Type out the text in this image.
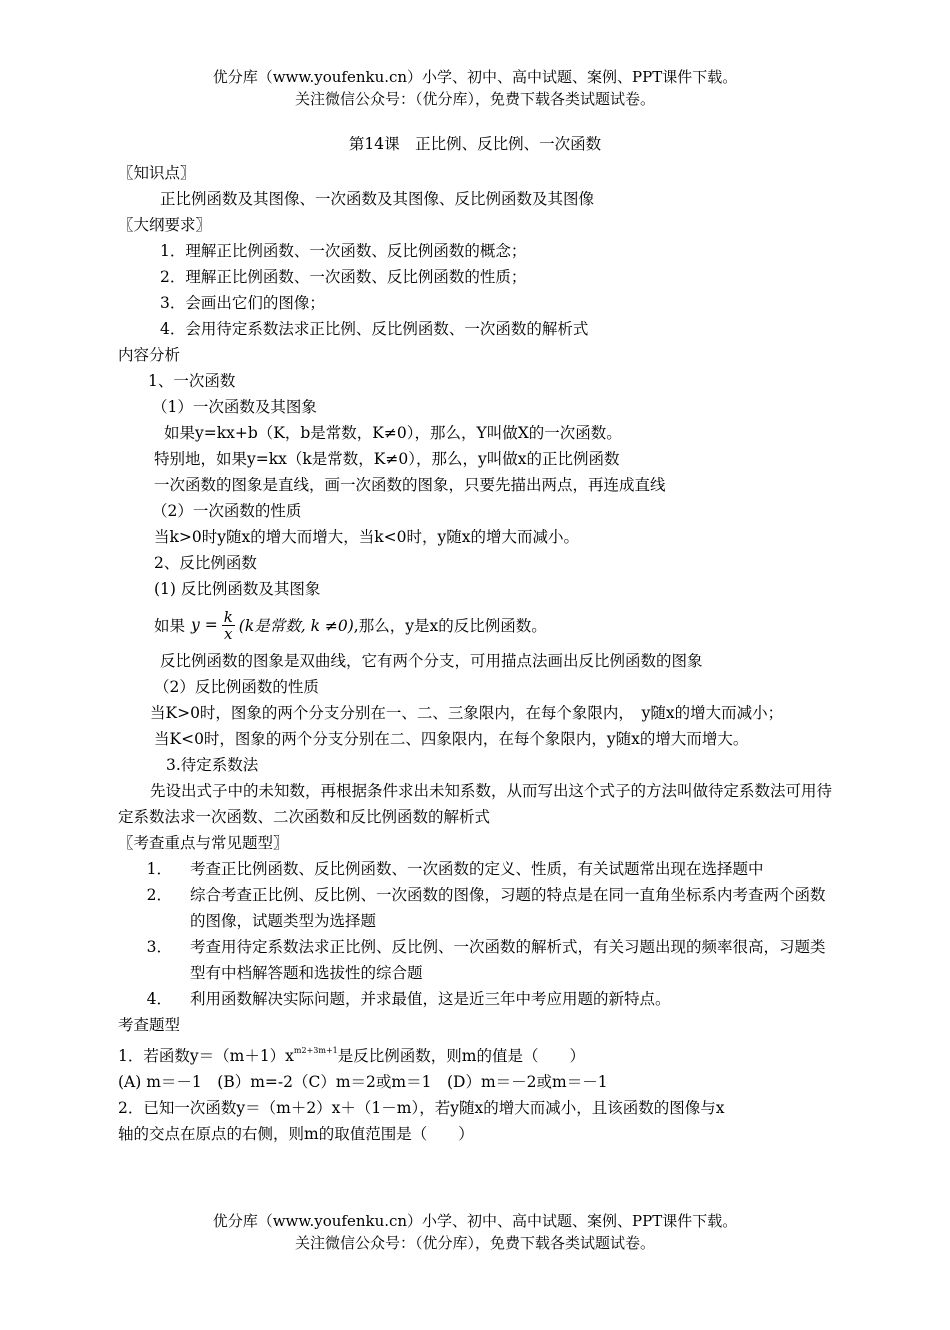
优分库（www.youfenku.cn）小学、初中、高中试题、案例、PPT课件下载。
关注微信公众号：（优分库），免费下载各类试题试卷。
第14课　正比例、反比例、一次函数
〖知识点〗
正比例函数及其图像、一次函数及其图像、反比例函数及其图像
〖大纲要求〗
1．理解正比例函数、一次函数、反比例函数的概念；
2．理解正比例函数、一次函数、反比例函数的性质；
3．会画出它们的图像；
4．会用待定系数法求正比例、反比例函数、一次函数的解析式
内容分析
1、一次函数
（1）一次函数及其图象
如果y=kx+b（K，b是常数，K≠0），那么，Y叫做X的一次函数。
特别地，如果y=kx（k是常数，K≠0），那么，y叫做x的正比例函数
一次函数的图象是直线，画一次函数的图象，只要先描出两点，再连成直线
（2）一次函数的性质
当k>0时y随x的增大而增大，当k<0时，y随x的增大而减小。
2、反比例函数
(1) 反比例函数及其图象
如果 $y = \frac{k}{x} (k$是常数, k ≠0) ,那么，y是x的反比例函数。
反比例函数的图象是双曲线，它有两个分支，可用描点法画出反比例函数的图象
（2）反比例函数的性质
当K>0时，图象的两个分支分别在一、二、三象限内，在每个象限内，　y随x的增大而减小；
当K<0时，图象的两个分支分别在二、四象限内，在每个象限内，y随x的增大而增大。
3.待定系数法
先设出式子中的未知数，再根据条件求出未知系数，从而写出这个式子的方法叫做待定系数法可用待定系数法求一次函数、二次函数和反比例函数的解析式
〖考查重点与常见题型〗
1．	考查正比例函数、反比例函数、一次函数的定义、性质，有关试题常出现在选择题中
2．	综合考查正比例、反比例、一次函数的图像，习题的特点是在同一直角坐标系内考查两个函数的图像，试题类型为选择题
3．	考查用待定系数法求正比例、反比例、一次函数的解析式，有关习题出现的频率很高，习题类型有中档解答题和选拔性的综合题
4．	利用函数解决实际问题，并求最值，这是近三年中考应用题的新特点。
考查题型
1．若函数$y=(m+1)x^{m2+3m+1}$是反比例函数，则m的值是（　　）
(A) m＝－1　(B）m=-2（C）m＝2或m＝1　(D）m＝－2或m＝－1
2．已知一次函数y＝（m＋2）x＋（1－m），若y随x的增大而减小，且该函数的图像与x
轴的交点在原点的右侧，则m的取值范围是（　　）
优分库（www.youfenku.cn）小学、初中、高中试题、案例、PPT课件下载。
关注微信公众号：（优分库），免费下载各类试题试卷。
